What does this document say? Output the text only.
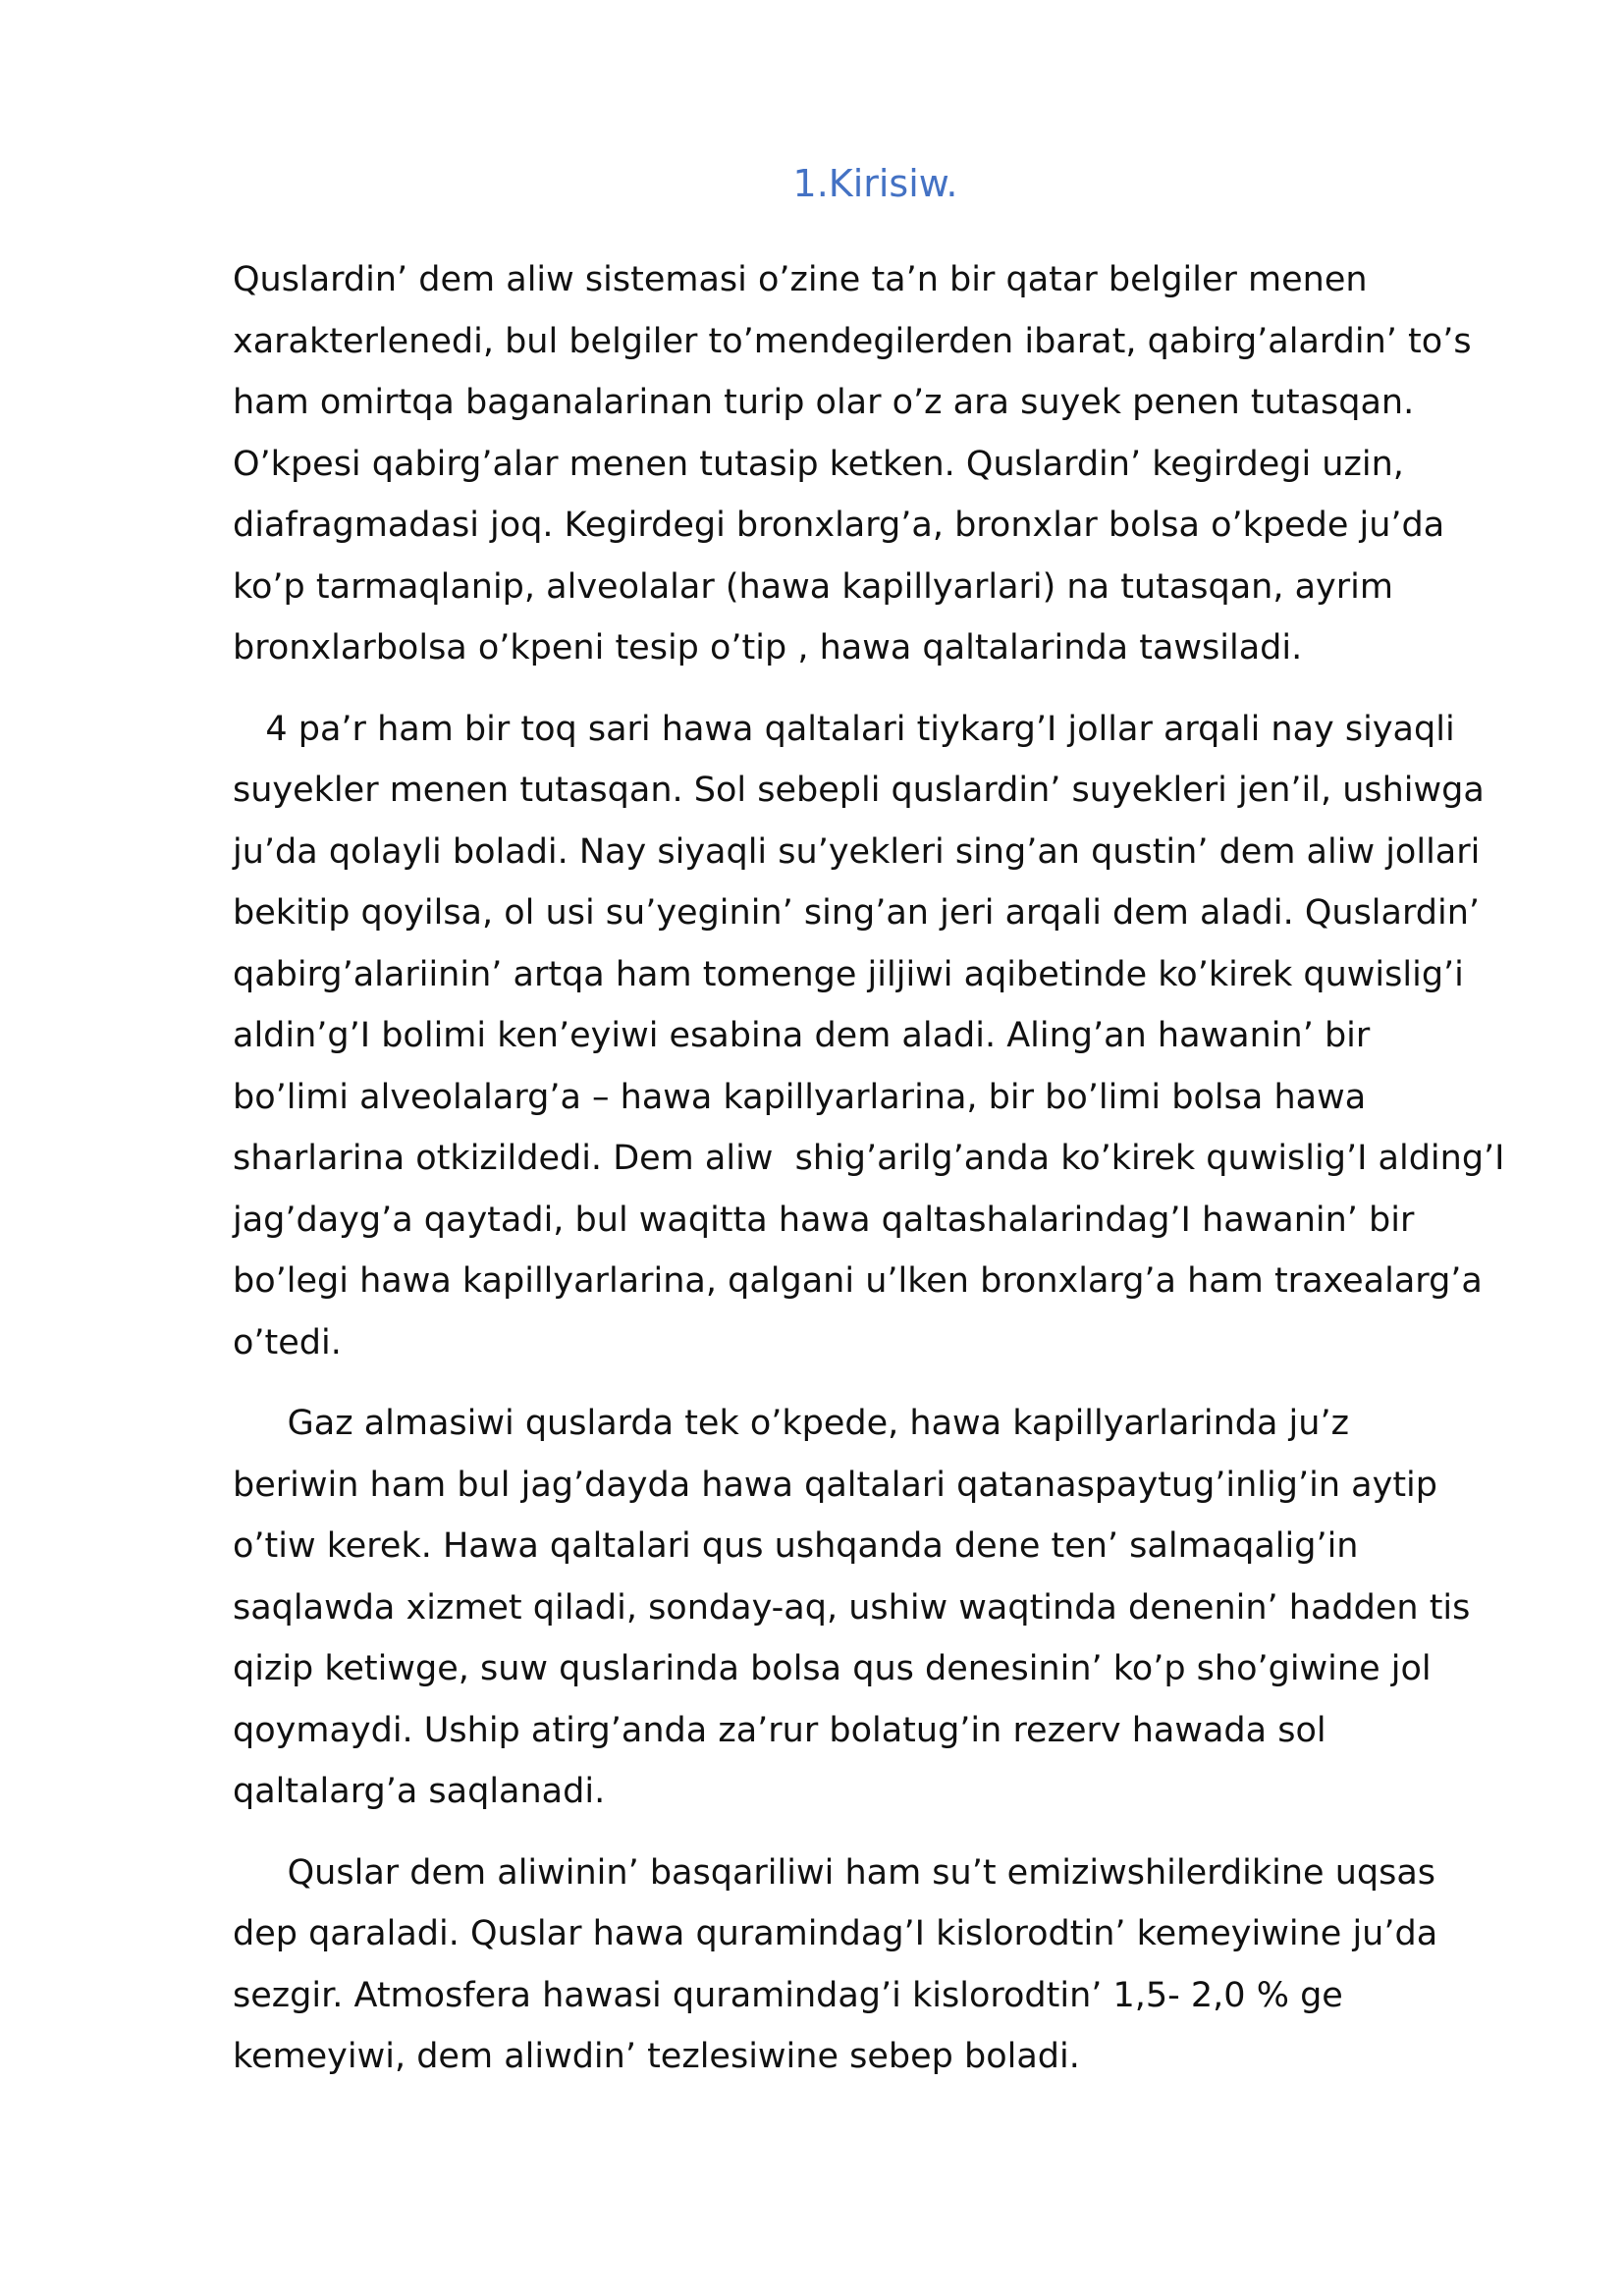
1.Kirisiw.

Quslardin’ dem aliw sistemasi o’zine ta’n bir qatar belgiler menen
xarakterlenedi, bul belgiler to’mendegilerden ibarat, qabirg’alardin’ to’s
ham omirtqa baganalarinan turip olar o’z ara suyek penen tutasqan.
O’kpesi qabirg’alar menen tutasip ketken. Quslardin’ kegirdegi uzin,
diafragmadasi joq. Kegirdegi bronxlarg’a, bronxlar bolsa o’kpede ju’da
ko’p tarmaqlanip, alveolalar (hawa kapillyarlari) na tutasqan, ayrim
bronxlarbolsa o’kpeni tesip o’tip , hawa qaltalarinda tawsiladi.

4 pa’r ham bir toq sari hawa qaltalari tiykarg’I jollar arqali nay siyaqli
suyekler menen tutasqan. Sol sebepli quslardin’ suyekleri jen’il, ushiwga
ju’da qolayli boladi. Nay siyaqli su’yekleri sing’an qustin’ dem aliw jollari
bekitip qoyilsa, ol usi su’yeginin’ sing’an jeri arqali dem aladi. Quslardin’
qabirg’alariinin’ artqa ham tomenge jiljiwi aqibetinde ko’kirek quwislig’i
aldin’g’I bolimi ken’eyiwi esabina dem aladi. Aling’an hawanin’ bir
bo’limi alveolalarg’a – hawa kapillyarlarina, bir bo’limi bolsa hawa
sharlarina otkizildedi. Dem aliw  shig’arilg’anda ko’kirek quwislig’I alding’I
jag’dayg’a qaytadi, bul waqitta hawa qaltashalarindag’I hawanin’ bir
bo’legi hawa kapillyarlarina, qalgani u’lken bronxlarg’a ham traxealarg’a
o’tedi.

Gaz almasiwi quslarda tek o’kpede, hawa kapillyarlarinda ju’z
beriwin ham bul jag’dayda hawa qaltalari qatanaspaytug’inlig’in aytip
o’tiw kerek. Hawa qaltalari qus ushqanda dene ten’ salmaqalig’in
saqlawda xizmet qiladi, sonday-aq, ushiw waqtinda denenin’ hadden tis
qizip ketiwge, suw quslarinda bolsa qus denesinin’ ko’p sho’giwine jol
qoymaydi. Uship atirg’anda za’rur bolatug’in rezerv hawada sol
qaltalarg’a saqlanadi.

Quslar dem aliwinin’ basqariliwi ham su’t emiziwshilerdikine uqsas
dep qaraladi. Quslar hawa quramindag’I kislorodtin’ kemeyiwine ju’da
sezgir. Atmosfera hawasi quramindag’i kislorodtin’ 1,5- 2,0 % ge
kemeyiwi, dem aliwdin’ tezlesiwine sebep boladi.
